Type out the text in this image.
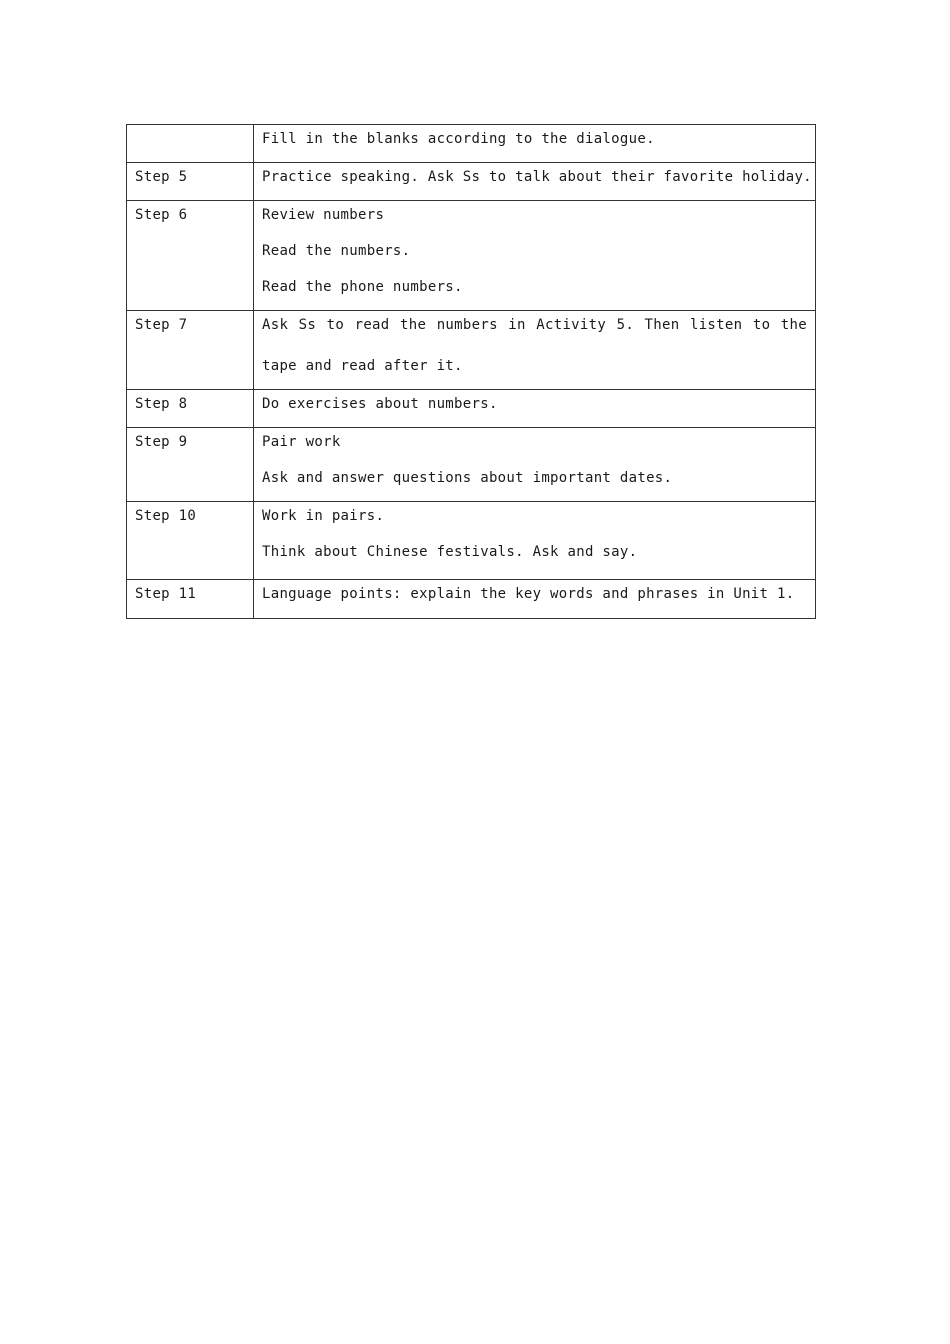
	Fill in the blanks according to the dialogue.

Step 5	Practice speaking. Ask Ss to talk about their favorite holiday.

Step 6	Review numbers
Read the numbers.
Read the phone numbers.

Step 7	Ask Ss to read the numbers in Activity 5. Then listen to the
tape and read after it.

Step 8	Do exercises about numbers.

Step 9	Pair work
Ask and answer questions about important dates.

Step 10	Work in pairs.
Think about Chinese festivals. Ask and say.

Step 11	Language points: explain the key words and phrases in Unit 1.
